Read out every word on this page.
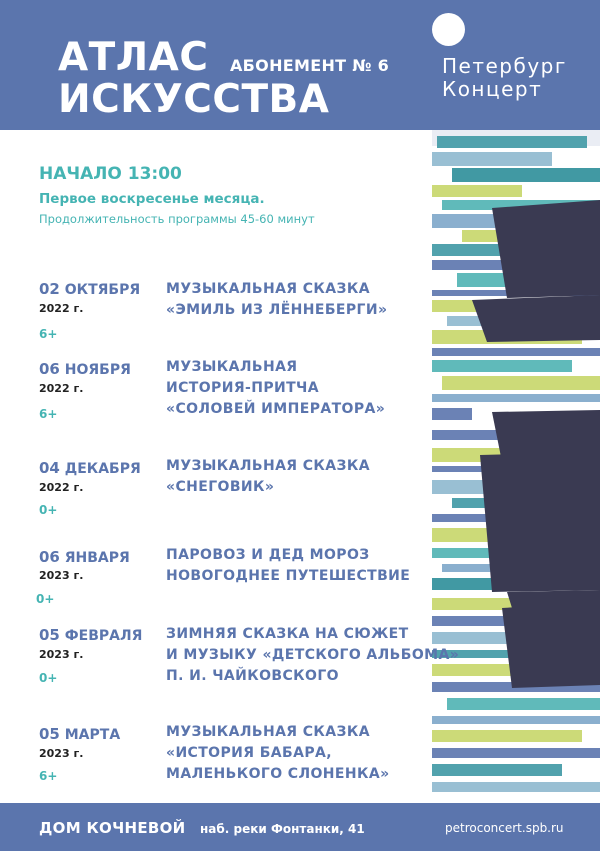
АТЛАС
ИСКУССТВА
АБОНЕМЕНТ № 6	Петербург
Концерт
НАЧАЛО 13:00
Первое воскресенье месяца.
Продолжительность программы 45-60 минут
02 ОКТЯБРЯ
2022 г.
6+
МУЗЫКАЛЬНАЯ СКАЗКА
«ЭМИЛЬ ИЗ ЛЁННЕБЕРГИ»
06 НОЯБРЯ
2022 г.
6+
МУЗЫКАЛЬНАЯ
ИСТОРИЯ-ПРИТЧА
«СОЛОВЕЙ ИМПЕРАТОРА»
04 ДЕКАБРЯ
2022 г.
0+
МУЗЫКАЛЬНАЯ СКАЗКА
«СНЕГОВИК»
06 ЯНВАРЯ
2023 г.
0+
ПАРОВОЗ И ДЕД МОРОЗ
НОВОГОДНЕЕ ПУТЕШЕСТВИЕ
05 ФЕВРАЛЯ
2023 г.
0+
ЗИМНЯЯ СКАЗКА НА СЮЖЕТ
И МУЗЫКУ «ДЕТСКОГО АЛЬБОМА»
П. И. ЧАЙКОВСКОГО
05 МАРТА
2023 г.
6+
МУЗЫКАЛЬНАЯ СКАЗКА
«ИСТОРИЯ БАБАРА,
МАЛЕНЬКОГО СЛОНЕНКА»
ДОМ КОЧНЕВОЙ наб. реки Фонтанки, 41	petroconcert.spb.ru
